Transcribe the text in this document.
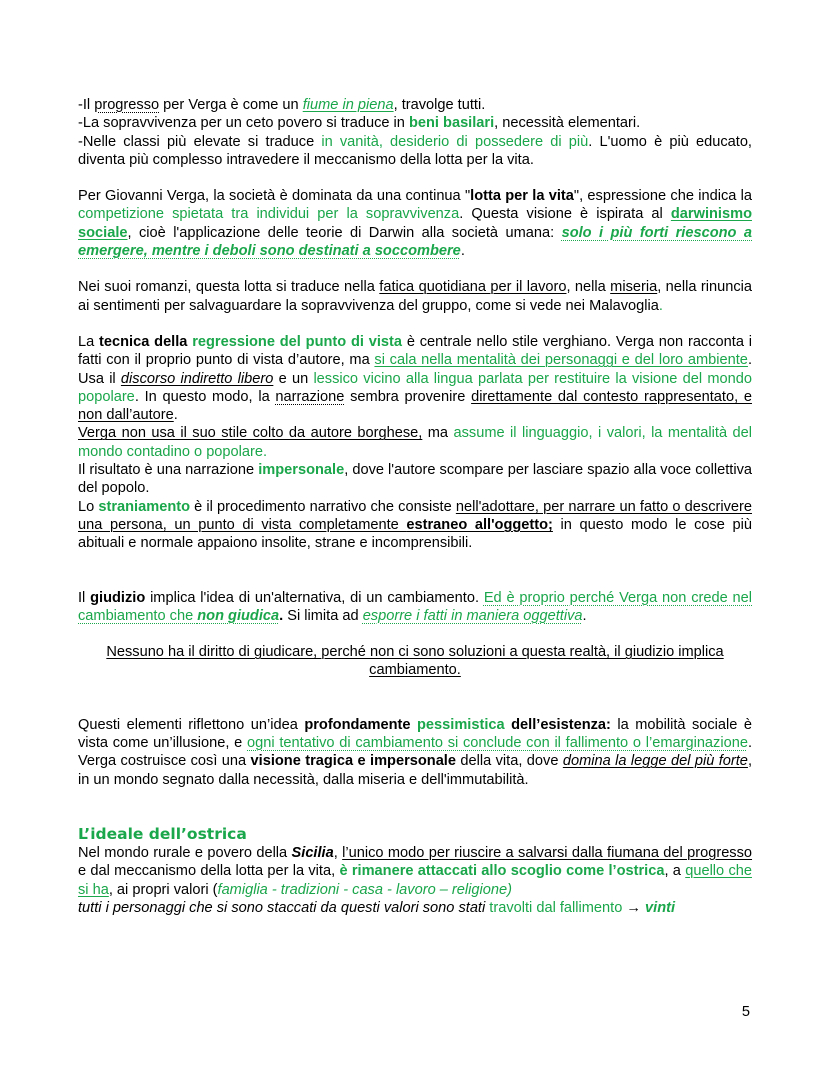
-Il progresso per Verga è come un fiume in piena, travolge tutti.

-La sopravvivenza per un ceto povero si traduce in beni basilari, necessità elementari.

-Nelle classi più elevate si traduce in vanità, desiderio di possedere di più. L'uomo è più educato, diventa più complesso intravedere il meccanismo della lotta per la vita.

Per Giovanni Verga, la società è dominata da una continua "lotta per la vita", espressione che indica la competizione spietata tra individui per la sopravvivenza. Questa visione è ispirata al darwinismo sociale, cioè l'applicazione delle teorie di Darwin alla società umana: solo i più forti riescono a emergere, mentre i deboli sono destinati a soccombere.

Nei suoi romanzi, questa lotta si traduce nella fatica quotidiana per il lavoro, nella miseria, nella rinuncia ai sentimenti per salvaguardare la sopravvivenza del gruppo, come si vede nei Malavoglia.

La tecnica della regressione del punto di vista è centrale nello stile verghiano. Verga non racconta i fatti con il proprio punto di vista d’autore, ma si cala nella mentalità dei personaggi e del loro ambiente. Usa il discorso indiretto libero e un lessico vicino alla lingua parlata per restituire la visione del mondo popolare. In questo modo, la narrazione sembra provenire direttamente dal contesto rappresentato, e non dall’autore.

Verga non usa il suo stile colto da autore borghese, ma assume il linguaggio, i valori, la mentalità del mondo contadino o popolare.

Il risultato è una narrazione impersonale, dove l'autore scompare per lasciare spazio alla voce collettiva del popolo.

Lo straniamento è il procedimento narrativo che consiste nell'adottare, per narrare un fatto o descrivere una persona, un punto di vista completamente estraneo all'oggetto; in questo modo le cose più abituali e normale appaiono insolite, strane e incomprensibili.

Il giudizio implica l'idea di un'alternativa, di un cambiamento. Ed è proprio perché Verga non crede nel cambiamento che non giudica. Si limita ad esporre i fatti in maniera oggettiva.

Nessuno ha il diritto di giudicare, perché non ci sono soluzioni a questa realtà, il giudizio implica cambiamento.

Questi elementi riflettono un’idea profondamente pessimistica dell’esistenza: la mobilità sociale è vista come un’illusione, e ogni tentativo di cambiamento si conclude con il fallimento o l’emarginazione. Verga costruisce così una visione tragica e impersonale della vita, dove domina la legge del più forte, in un mondo segnato dalla necessità, dalla miseria e dell'immutabilità.

L’ideale dell’ostrica

Nel mondo rurale e povero della Sicilia, l’unico modo per riuscire a salvarsi dalla fiumana del progresso e dal meccanismo della lotta per la vita, è rimanere attaccati allo scoglio come l’ostrica, a quello che si ha, ai propri valori (famiglia - tradizioni - casa - lavoro – religione)

tutti i personaggi che si sono staccati da questi valori sono stati travolti dal fallimento → vinti

5
